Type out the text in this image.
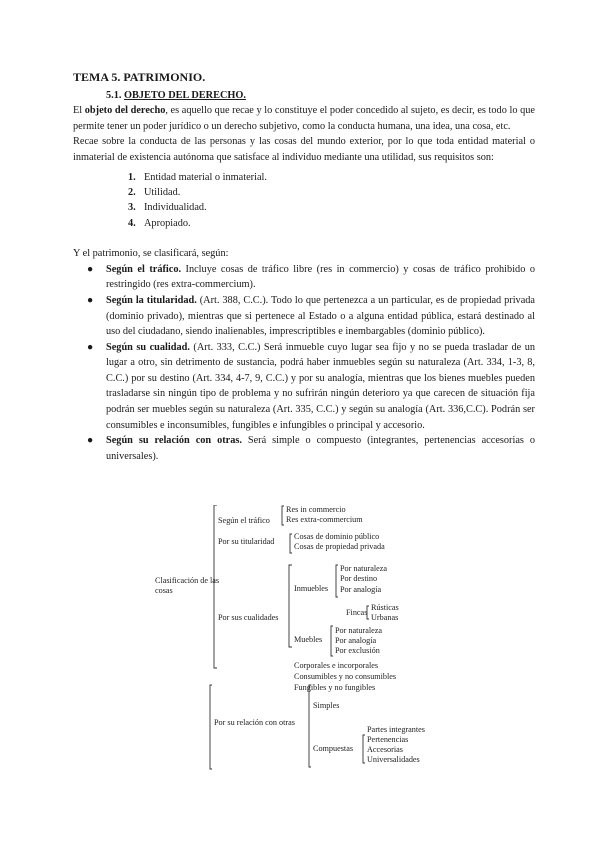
TEMA 5. PATRIMONIO.
5.1. OBJETO DEL DERECHO.

El objeto del derecho, es aquello que recae y lo constituye el poder concedido al sujeto, es decir, es todo lo que permite tener un poder jurídico o un derecho subjetivo, como la conducta humana, una idea, una cosa, etc.

Recae sobre la conducta de las personas y las cosas del mundo exterior, por lo que toda entidad material o inmaterial de existencia autónoma que satisface al individuo mediante una utilidad, sus requisitos son:

1. Entidad material o inmaterial.
2. Utilidad.
3. Individualidad.
4. Apropiado.

Y el patrimonio, se clasificará, según:

● Según el tráfico. Incluye cosas de tráfico libre (res in commercio) y cosas de tráfico prohibido o restringido (res extra-commercium).
● Según la titularidad. (Art. 388, C.C.). Todo lo que pertenezca a un particular, es de propiedad privada (dominio privado), mientras que si pertenece al Estado o a alguna entidad pública, estará destinado al uso del ciudadano, siendo inalienables, imprescriptibles e inembargables (dominio público).
● Según su cualidad. (Art. 333, C.C.) Será inmueble cuyo lugar sea fijo y no se pueda trasladar de un lugar a otro, sin detrimento de sustancia, podrá haber inmuebles según su naturaleza (Art. 334, 1-3, 8, C.C.) por su destino (Art. 334, 4-7, 9, C.C.) y por su analogía, mientras que los bienes muebles pueden trasladarse sin ningún tipo de problema y no sufrirán ningún deterioro ya que carecen de situación fija podrán ser muebles según su naturaleza (Art. 335, C.C.) y según su analogía (Art. 336,C.C). Podrán ser consumibles e inconsumibles, fungibles e infungibles o principal y accesorio.
● Según su relación con otras. Será simple o compuesto (integrantes, pertenencias accesorias o universales).
Clasificación de las cosas
Según el tráfico
Res in commercio
Res extra-commercium
Por su titularidad
Cosas de dominio público
Cosas de propiedad privada
Por sus cualidades
Inmuebles
Por naturaleza
Por destino
Por analogía
Fincas
Rústicas
Urbanas
Muebles
Por naturaleza
Por analogía
Por exclusión
Corporales e incorporales
Consumibles y no consumibles
Fungibles y no fungibles
Por su relación con otras
Simples
Compuestas
Partes integrantes
Pertenencias
Accesorias
Universalidades
